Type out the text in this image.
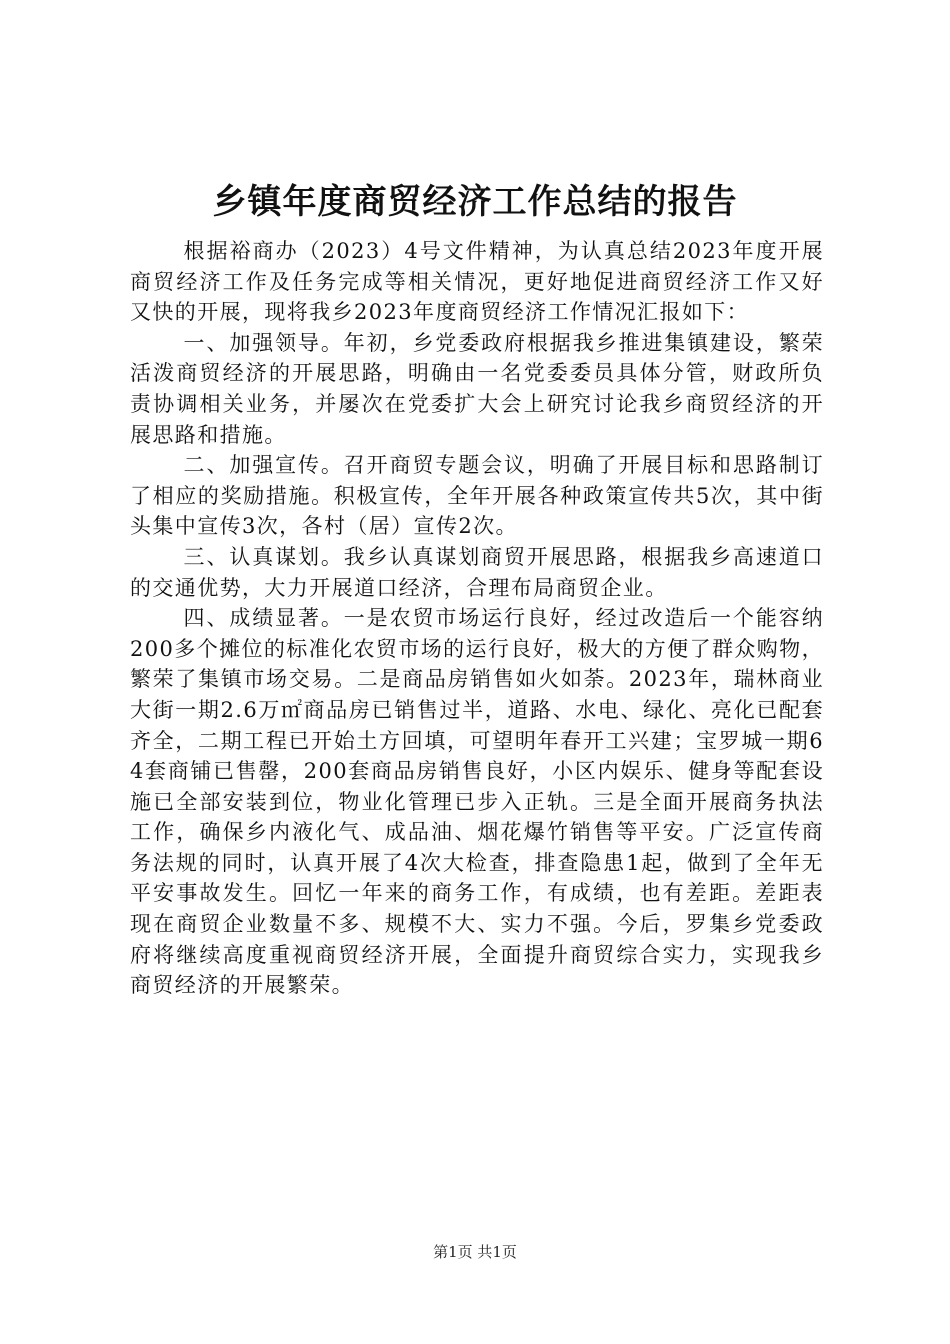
乡镇年度商贸经济工作总结的报告

根据裕商办（2023）4号文件精神，为认真总结2023年度开展商贸经济工作及任务完成等相关情况，更好地促进商贸经济工作又好又快的开展，现将我乡2023年度商贸经济工作情况汇报如下：

一、加强领导。年初，乡党委政府根据我乡推进集镇建设，繁荣活泼商贸经济的开展思路，明确由一名党委委员具体分管，财政所负责协调相关业务，并屡次在党委扩大会上研究讨论我乡商贸经济的开展思路和措施。

二、加强宣传。召开商贸专题会议，明确了开展目标和思路制订了相应的奖励措施。积极宣传，全年开展各种政策宣传共5次，其中街头集中宣传3次，各村（居）宣传2次。

三、认真谋划。我乡认真谋划商贸开展思路，根据我乡高速道口的交通优势，大力开展道口经济，合理布局商贸企业。

四、成绩显著。一是农贸市场运行良好，经过改造后一个能容纳200多个摊位的标准化农贸市场的运行良好，极大的方便了群众购物，繁荣了集镇市场交易。二是商品房销售如火如荼。2023年，瑞林商业大街一期2.6万㎡商品房已销售过半，道路、水电、绿化、亮化已配套齐全，二期工程已开始土方回填，可望明年春开工兴建；宝罗城一期64套商铺已售罄，200套商品房销售良好，小区内娱乐、健身等配套设施已全部安装到位，物业化管理已步入正轨。三是全面开展商务执法工作，确保乡内液化气、成品油、烟花爆竹销售等平安。广泛宣传商务法规的同时，认真开展了4次大检查，排查隐患1起，做到了全年无平安事故发生。回忆一年来的商务工作，有成绩，也有差距。差距表现在商贸企业数量不多、规模不大、实力不强。今后，罗集乡党委政府将继续高度重视商贸经济开展，全面提升商贸综合实力，实现我乡商贸经济的开展繁荣。

第1页 共1页
